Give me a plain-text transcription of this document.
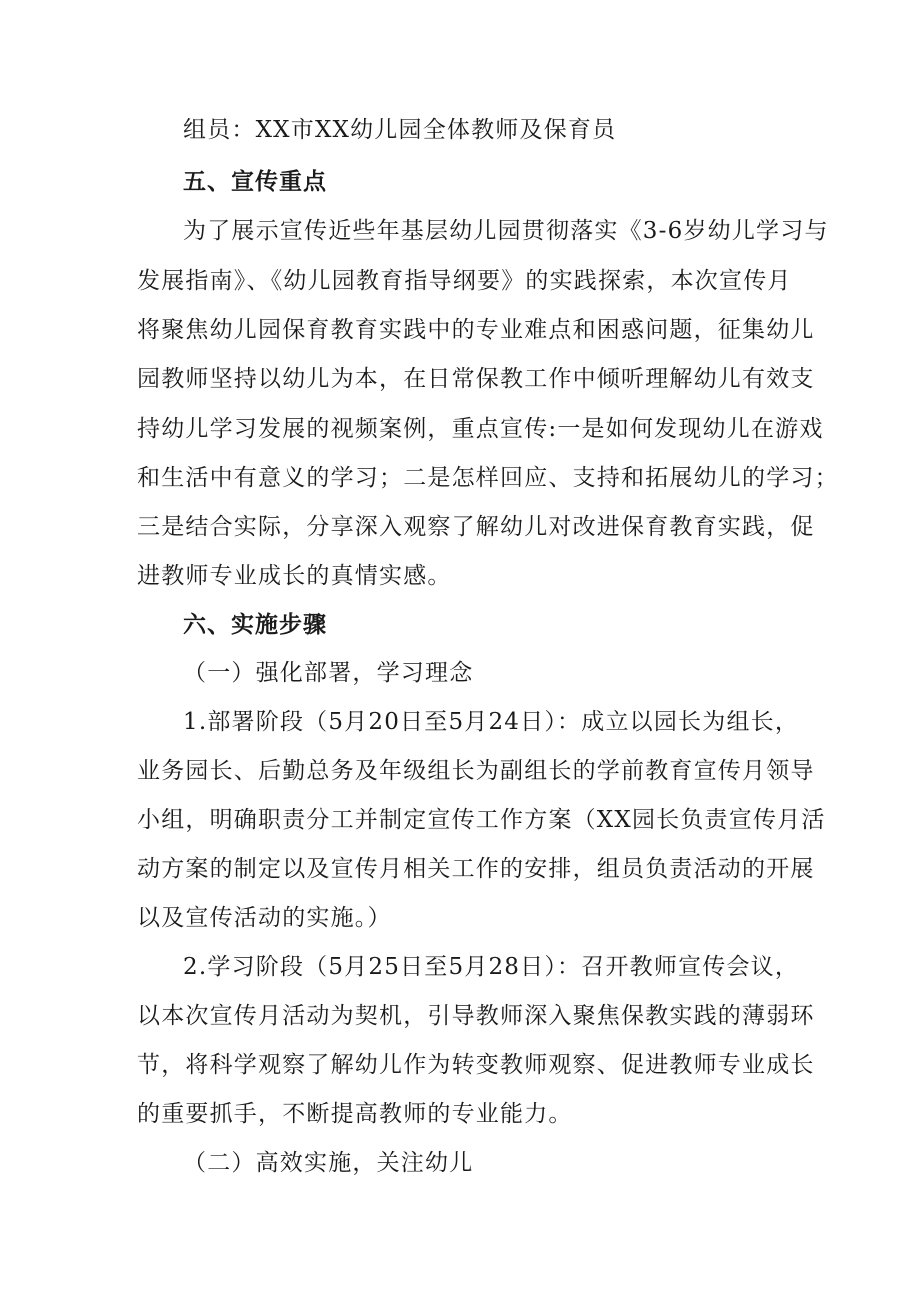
组员：XX市XX幼儿园全体教师及保育员
五、宣传重点
为了展示宣传近些年基层幼儿园贯彻落实《3-6岁幼儿学习与
发展指南》、《幼儿园教育指导纲要》的实践探索，本次宣传月
将聚焦幼儿园保育教育实践中的专业难点和困惑问题，征集幼儿
园教师坚持以幼儿为本，在日常保教工作中倾听理解幼儿有效支
持幼儿学习发展的视频案例，重点宣传:一是如何发现幼儿在游戏
和生活中有意义的学习；二是怎样回应、支持和拓展幼儿的学习；
三是结合实际，分享深入观察了解幼儿对改进保育教育实践，促
进教师专业成长的真情实感。
六、实施步骤
（一）强化部署，学习理念
1.部署阶段（5月20日至5月24日）：成立以园长为组长，
业务园长、后勤总务及年级组长为副组长的学前教育宣传月领导
小组，明确职责分工并制定宣传工作方案（XX园长负责宣传月活
动方案的制定以及宣传月相关工作的安排，组员负责活动的开展
以及宣传活动的实施。）
2.学习阶段（5月25日至5月28日）：召开教师宣传会议，
以本次宣传月活动为契机，引导教师深入聚焦保教实践的薄弱环
节，将科学观察了解幼儿作为转变教师观察、促进教师专业成长
的重要抓手，不断提高教师的专业能力。
（二）高效实施，关注幼儿
